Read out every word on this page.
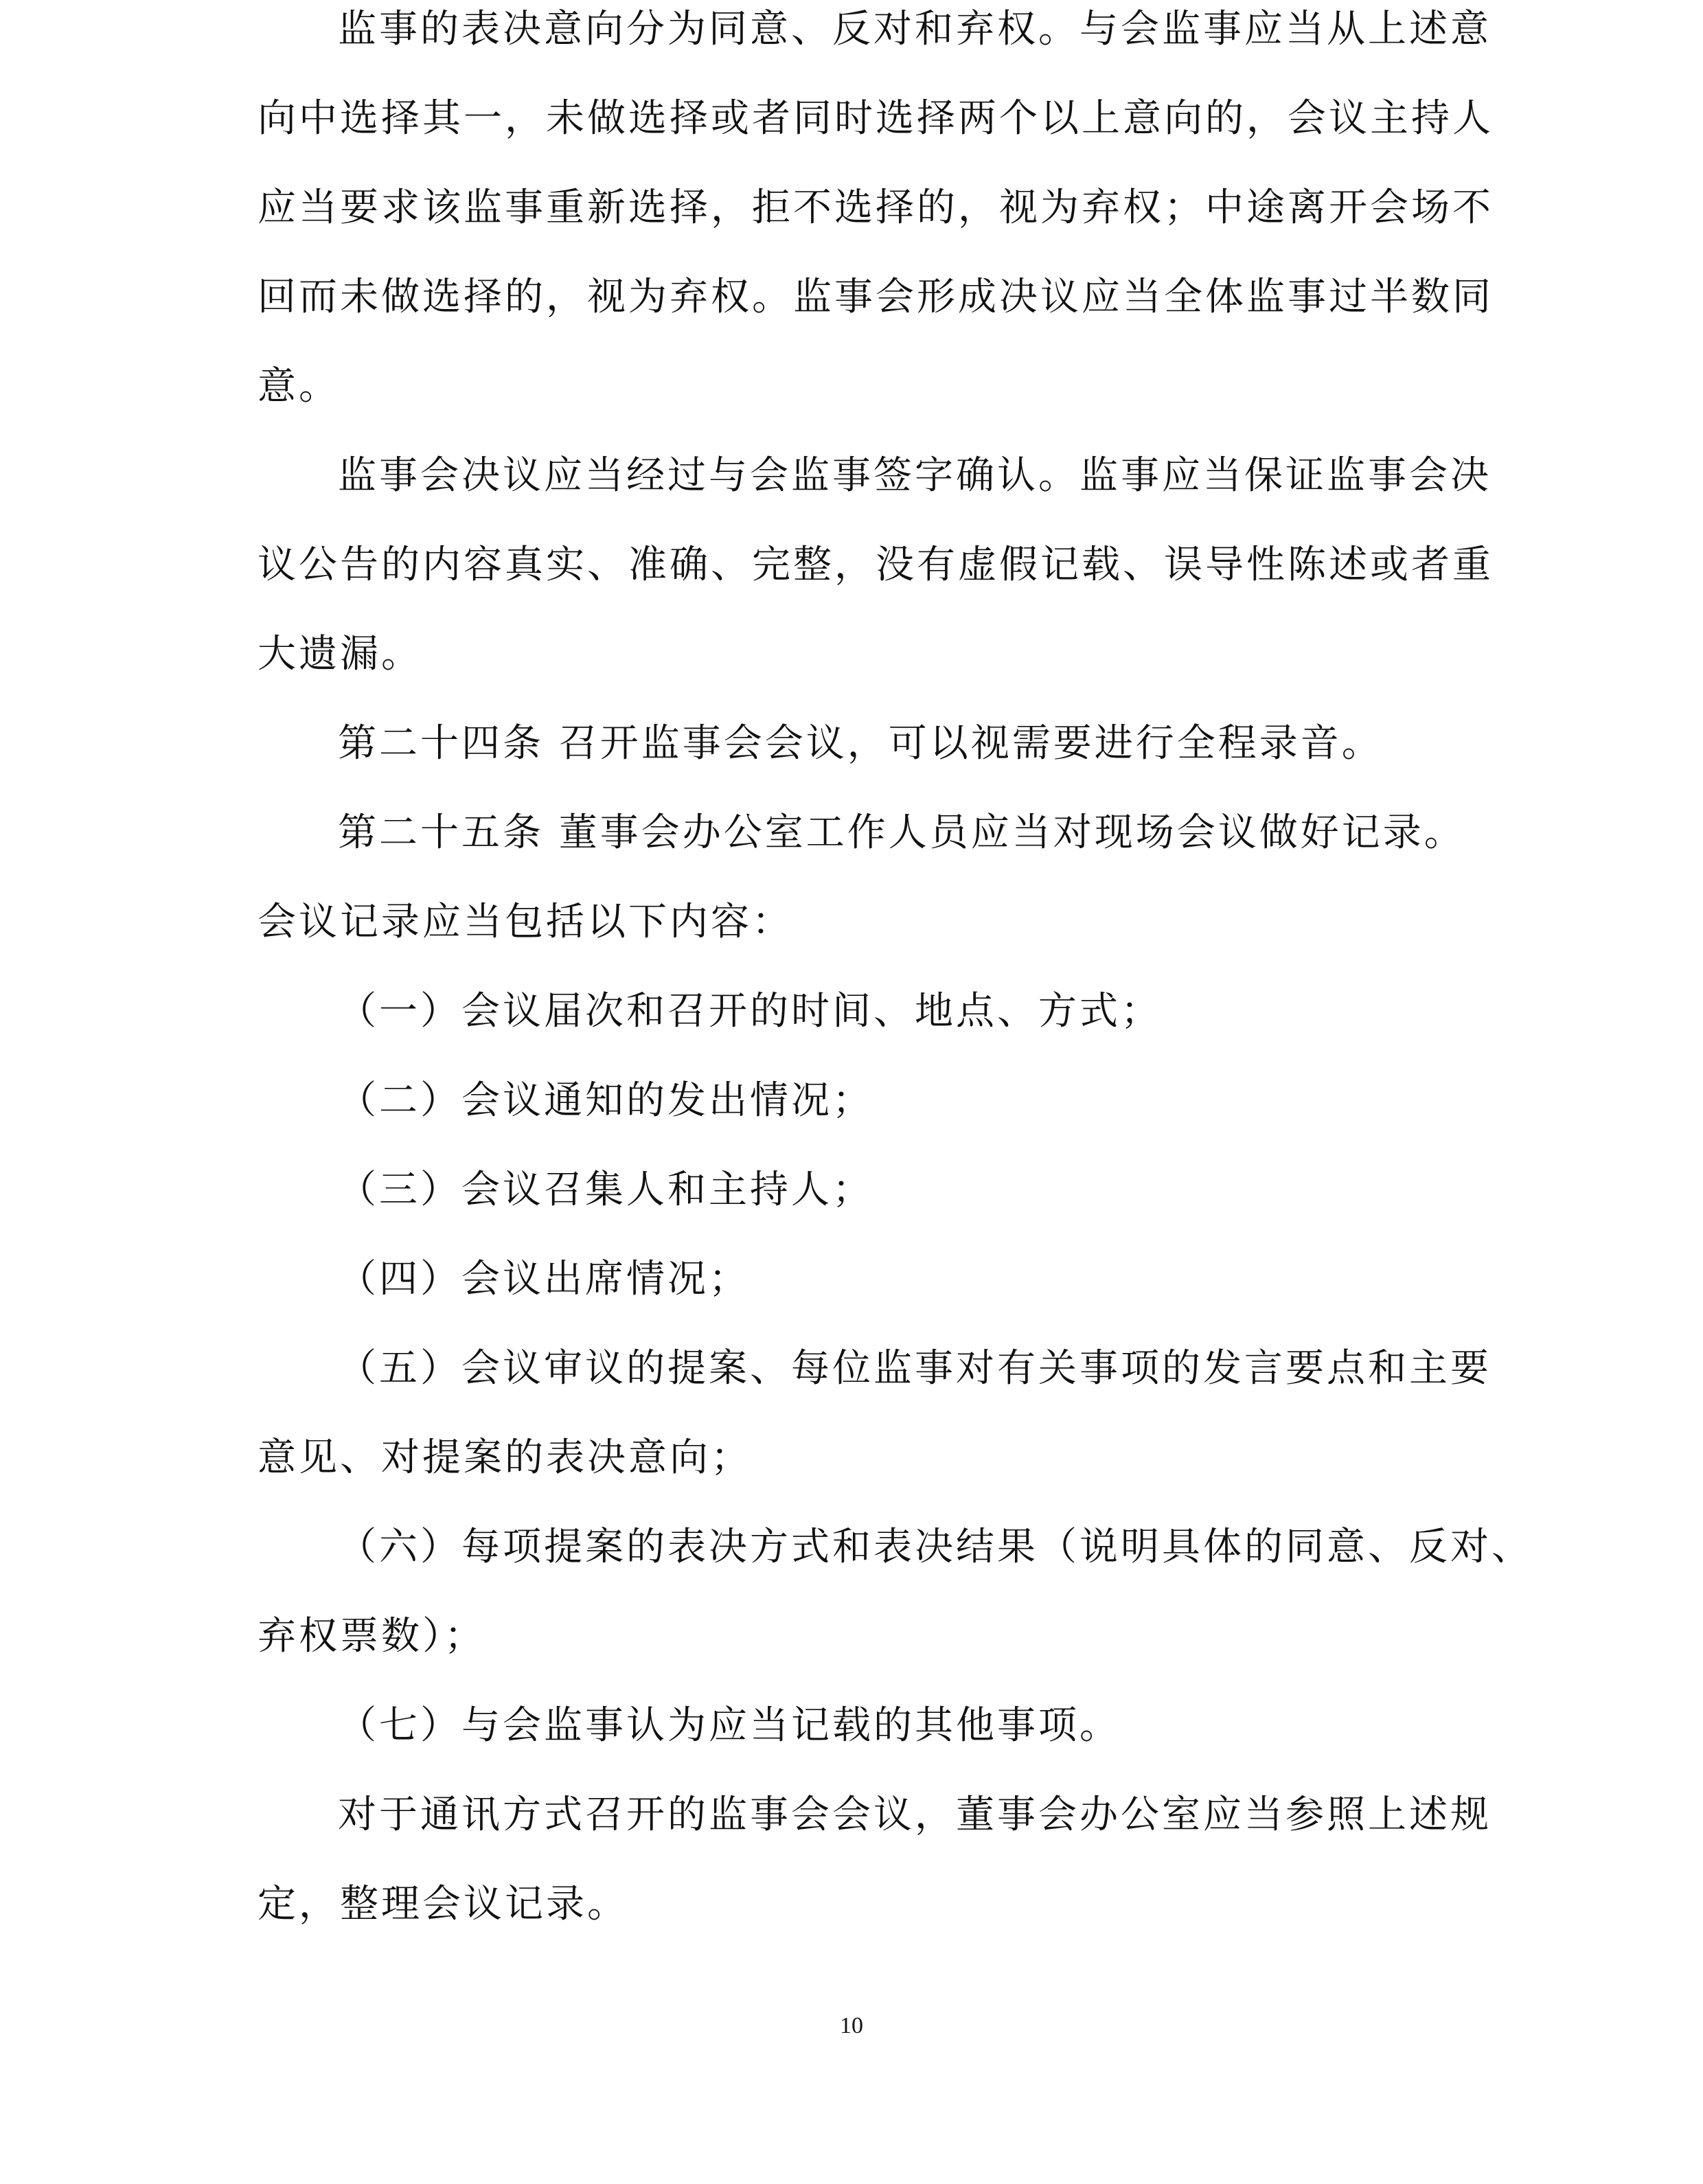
监事的表决意向分为同意、反对和弃权。与会监事应当从上述意
向中选择其一，未做选择或者同时选择两个以上意向的，会议主持人
应当要求该监事重新选择，拒不选择的，视为弃权；中途离开会场不
回而未做选择的，视为弃权。监事会形成决议应当全体监事过半数同
意。
监事会决议应当经过与会监事签字确认。监事应当保证监事会决
议公告的内容真实、准确、完整，没有虚假记载、误导性陈述或者重
大遗漏。
第二十四条 召开监事会会议，可以视需要进行全程录音。
第二十五条 董事会办公室工作人员应当对现场会议做好记录。
会议记录应当包括以下内容：
（一）会议届次和召开的时间、地点、方式；
（二）会议通知的发出情况；
（三）会议召集人和主持人；
（四）会议出席情况；
（五）会议审议的提案、每位监事对有关事项的发言要点和主要
意见、对提案的表决意向；
（六）每项提案的表决方式和表决结果（说明具体的同意、反对、
弃权票数）；
（七）与会监事认为应当记载的其他事项。
对于通讯方式召开的监事会会议，董事会办公室应当参照上述规
定，整理会议记录。
10
